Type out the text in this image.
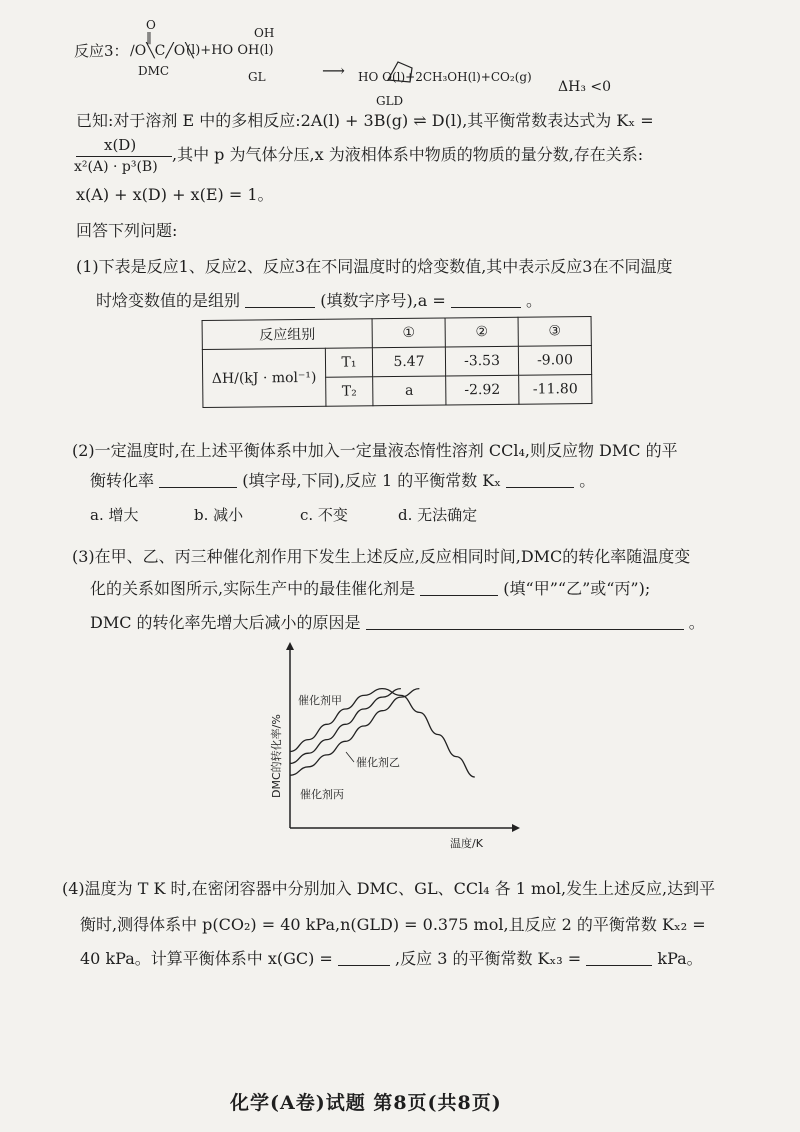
O
‖	OH
反应3： ∕O╲C╱O╲
(l)+HO OH(l)
DMC	GL	⟶ HO O(l)+2CH₃OH(l)+CO₂(g)
GLD
ΔH₃ <0
已知:对于溶剂 E 中的多相反应:2A(l) + 3B(g) ⇌ D(l),其平衡常数表达式为 Kₓ =
x(D)
x²(A) · p³(B)
,其中 p 为气体分压,x 为液相体系中物质的物质的量分数,存在关系:
x(A) + x(D) + x(E) = 1。
回答下列问题:
(1)下表是反应1、反应2、反应3在不同温度时的焓变数值,其中表示反应3在不同温度
时焓变数值的是组别	(填数字序号),a =	。
反应组别		①	②	③
ΔH/(kJ · mol⁻¹)	T₁	5.47	-3.53	-9.00
	T₂	a	-2.92	-11.80
(2)一定温度时,在上述平衡体系中加入一定量液态惰性溶剂 CCl₄,则反应物 DMC 的平
衡转化率	(填字母,下同),反应 1 的平衡常数 Kₓ	。
a. 增大	b. 减小	c. 不变	d. 无法确定
(3)在甲、乙、丙三种催化剂作用下发生上述反应,反应相同时间,DMC的转化率随温度变
化的关系如图所示,实际生产中的最佳催化剂是	(填“甲”“乙”或“丙”);
DMC 的转化率先增大后减小的原因是	。
DMC的转化率/%
温度/K
催化剂甲
催化剂乙
催化剂丙
(4)温度为 T K 时,在密闭容器中分别加入 DMC、GL、CCl₄ 各 1 mol,发生上述反应,达到平
衡时,测得体系中 p(CO₂) = 40 kPa,n(GLD) = 0.375 mol,且反应 2 的平衡常数 Kₓ₂ =
40 kPa。计算平衡体系中 x(GC) =	,反应 3 的平衡常数 Kₓ₃ =	kPa。
化学(A卷)试题 第8页(共8页)
